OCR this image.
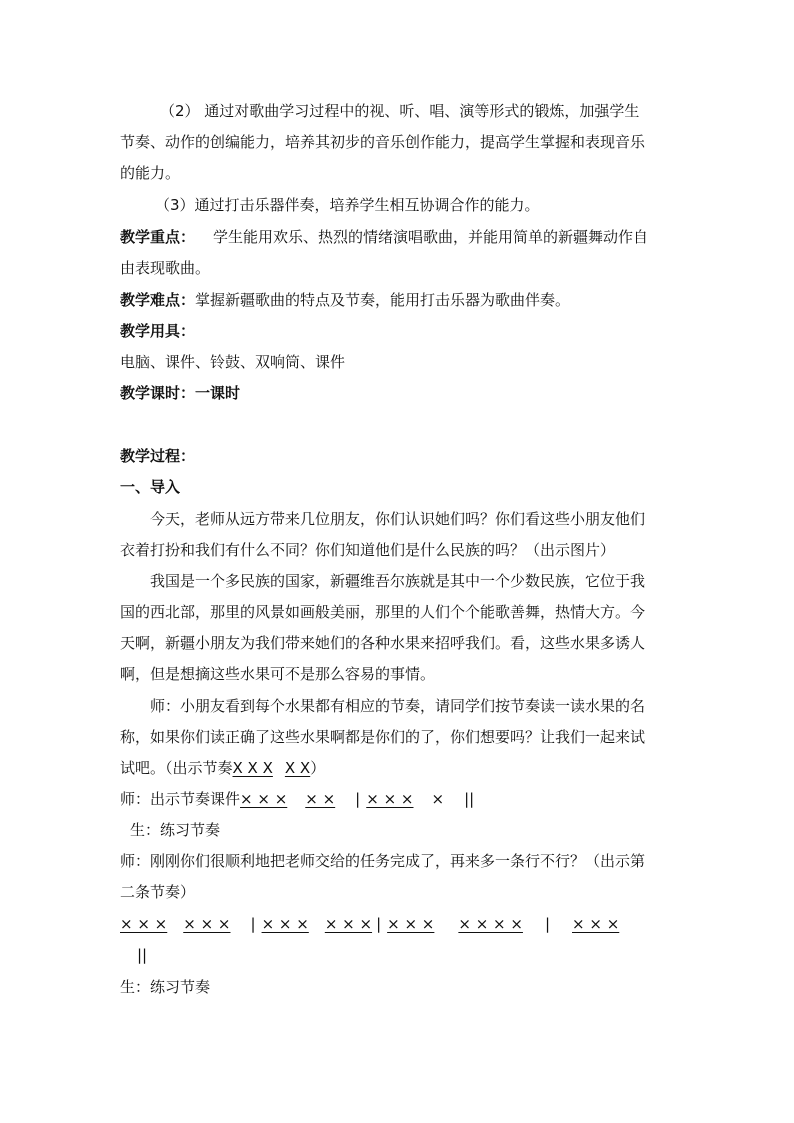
（2） 通过对歌曲学习过程中的视、听、唱、演等形式的锻炼，加强学生
节奏、动作的创编能力，培养其初步的音乐创作能力，提高学生掌握和表现音乐
的能力。
（3）通过打击乐器伴奏，培养学生相互协调合作的能力。
教学重点： 学生能用欢乐、热烈的情绪演唱歌曲，并能用简单的新疆舞动作自
由表现歌曲。
教学难点：掌握新疆歌曲的特点及节奏，能用打击乐器为歌曲伴奏。
教学用具：
电脑、课件、铃鼓、双响筒、课件
教学课时：一课时
教学过程：
一、导入
今天，老师从远方带来几位朋友，你们认识她们吗？你们看这些小朋友他们
衣着打扮和我们有什么不同？你们知道他们是什么民族的吗？（出示图片）
我国是一个多民族的国家，新疆维吾尔族就是其中一个少数民族，它位于我
国的西北部，那里的风景如画般美丽，那里的人们个个能歌善舞，热情大方。今
天啊，新疆小朋友为我们带来她们的各种水果来招呼我们。看，这些水果多诱人
啊，但是想摘这些水果可不是那么容易的事情。
师：小朋友看到每个水果都有相应的节奏，请同学们按节奏读一读水果的名
称，如果你们读正确了这些水果啊都是你们的了，你们想要吗？让我们一起来试
试吧。（出示节奏X X X X X）
师：出示节奏课件× × × × × | × × × × ||
生：练习节奏
师：刚刚你们很顺利地把老师交给的任务完成了，再来多一条行不行？（出示第
二条节奏）
× × × × × × | × × × × × × | × × × × × × × | × × ×
||
生：练习节奏
